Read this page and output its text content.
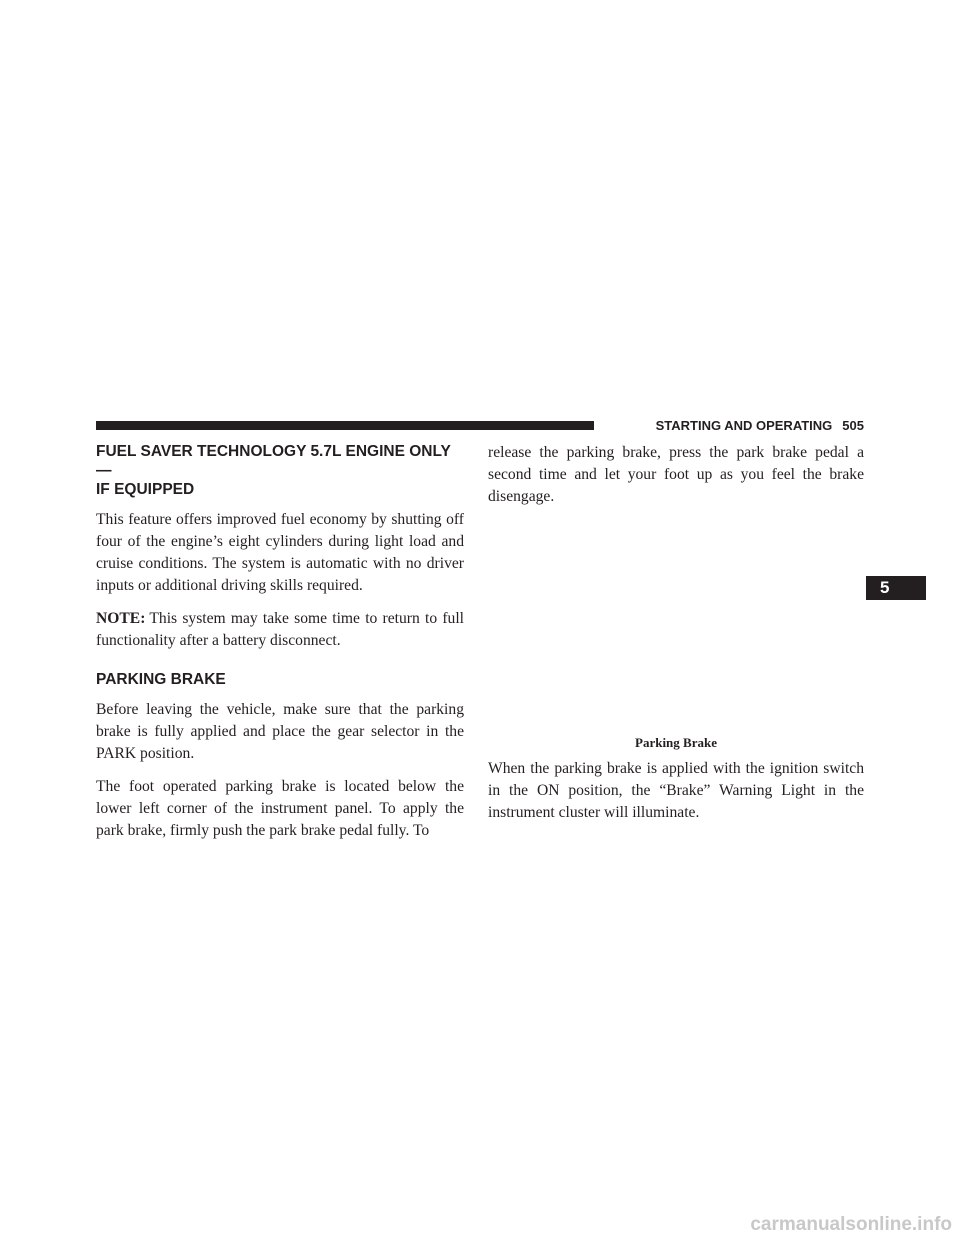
STARTING AND OPERATING 505
FUEL SAVER TECHNOLOGY 5.7L ENGINE ONLY —
IF EQUIPPED

This feature offers improved fuel economy by shutting off four of the engine’s eight cylinders during light load and cruise conditions. The system is automatic with no driver inputs or additional driving skills required.

NOTE: This system may take some time to return to full functionality after a battery disconnect.

PARKING BRAKE

Before leaving the vehicle, make sure that the parking brake is fully applied and place the gear selector in the PARK position.

The foot operated parking brake is located below the lower left corner of the instrument panel. To apply the park brake, firmly push the park brake pedal fully. To

release the parking brake, press the park brake pedal a second time and let your foot up as you feel the brake disengage.

Parking Brake

When the parking brake is applied with the ignition switch in the ON position, the “Brake” Warning Light in the instrument cluster will illuminate.

5
carmanualsonline.info
